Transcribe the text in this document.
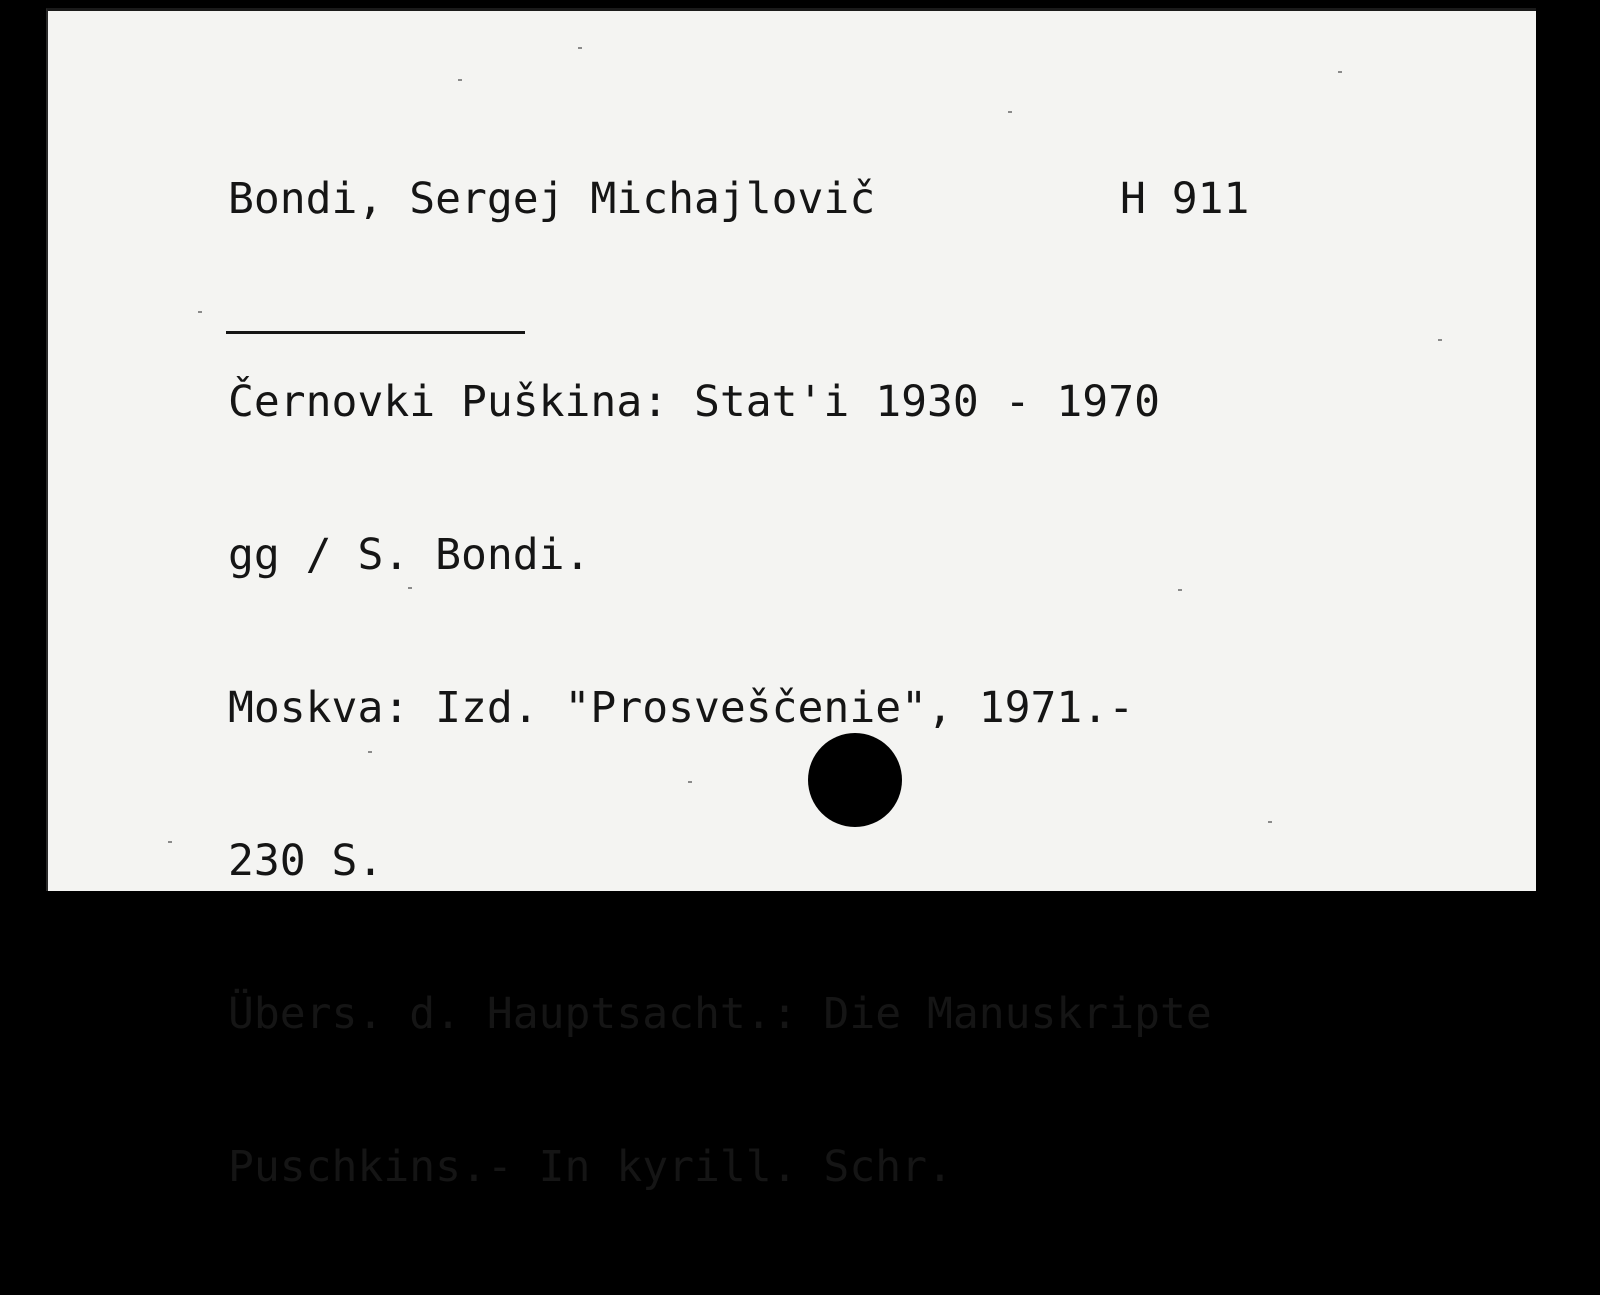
Bondi, Sergej Michajlovič	H 911

Černovki Puškina: Stat'i 1930 - 1970

gg / S. Bondi.

Moskva: Izd. "Prosveščenie", 1971.-

230 S.

Übers. d. Hauptsacht.: Die Manuskripte

Puschkins.- In kyrill. Schr.
